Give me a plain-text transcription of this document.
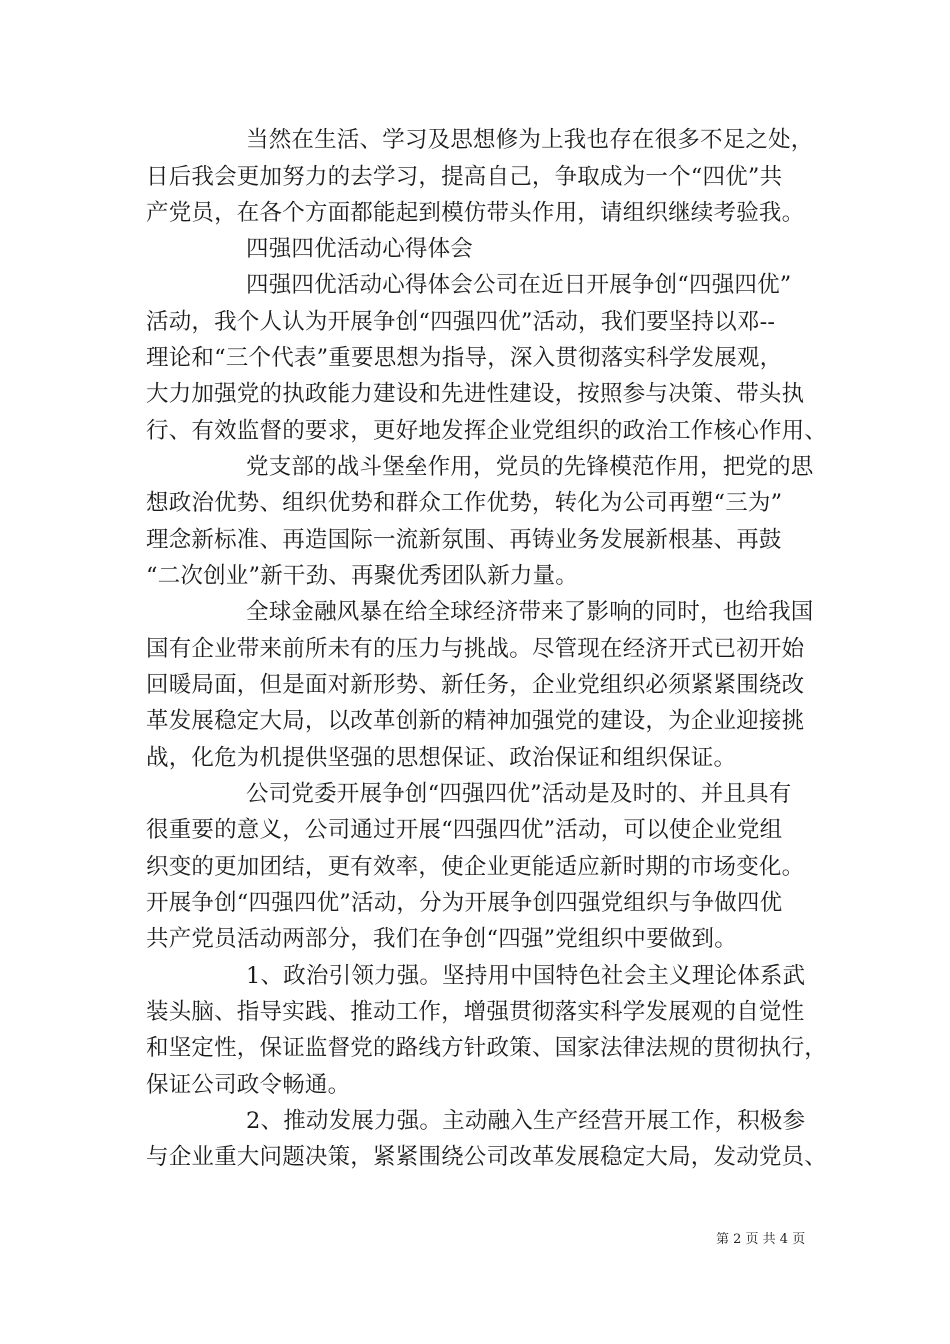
当然在生活、学习及思想修为上我也存在很多不足之处，
日后我会更加努力的去学习，提高自己，争取成为一个“四优”共
产党员，在各个方面都能起到模仿带头作用，请组织继续考验我。
四强四优活动心得体会
四强四优活动心得体会公司在近日开展争创“四强四优”
活动，我个人认为开展争创“四强四优”活动，我们要坚持以邓--
理论和“三个代表”重要思想为指导，深入贯彻落实科学发展观，
大力加强党的执政能力建设和先进性建设，按照参与决策、带头执
行、有效监督的要求，更好地发挥企业党组织的政治工作核心作用、
党支部的战斗堡垒作用，党员的先锋模范作用，把党的思
想政治优势、组织优势和群众工作优势，转化为公司再塑“三为”
理念新标准、再造国际一流新氛围、再铸业务发展新根基、再鼓
“二次创业”新干劲、再聚优秀团队新力量。
全球金融风暴在给全球经济带来了影响的同时，也给我国
国有企业带来前所未有的压力与挑战。尽管现在经济开式已初开始
回暖局面，但是面对新形势、新任务，企业党组织必须紧紧围绕改
革发展稳定大局，以改革创新的精神加强党的建设，为企业迎接挑
战，化危为机提供坚强的思想保证、政治保证和组织保证。
公司党委开展争创“四强四优”活动是及时的、并且具有
很重要的意义，公司通过开展“四强四优”活动，可以使企业党组
织变的更加团结，更有效率，使企业更能适应新时期的市场变化。
开展争创“四强四优”活动，分为开展争创四强党组织与争做四优
共产党员活动两部分，我们在争创“四强”党组织中要做到。
1、政治引领力强。坚持用中国特色社会主义理论体系武
装头脑、指导实践、推动工作，增强贯彻落实科学发展观的自觉性
和坚定性，保证监督党的路线方针政策、国家法律法规的贯彻执行，
保证公司政令畅通。
2、推动发展力强。主动融入生产经营开展工作，积极参
与企业重大问题决策，紧紧围绕公司改革发展稳定大局，发动党员、
第 2 页 共 4 页
